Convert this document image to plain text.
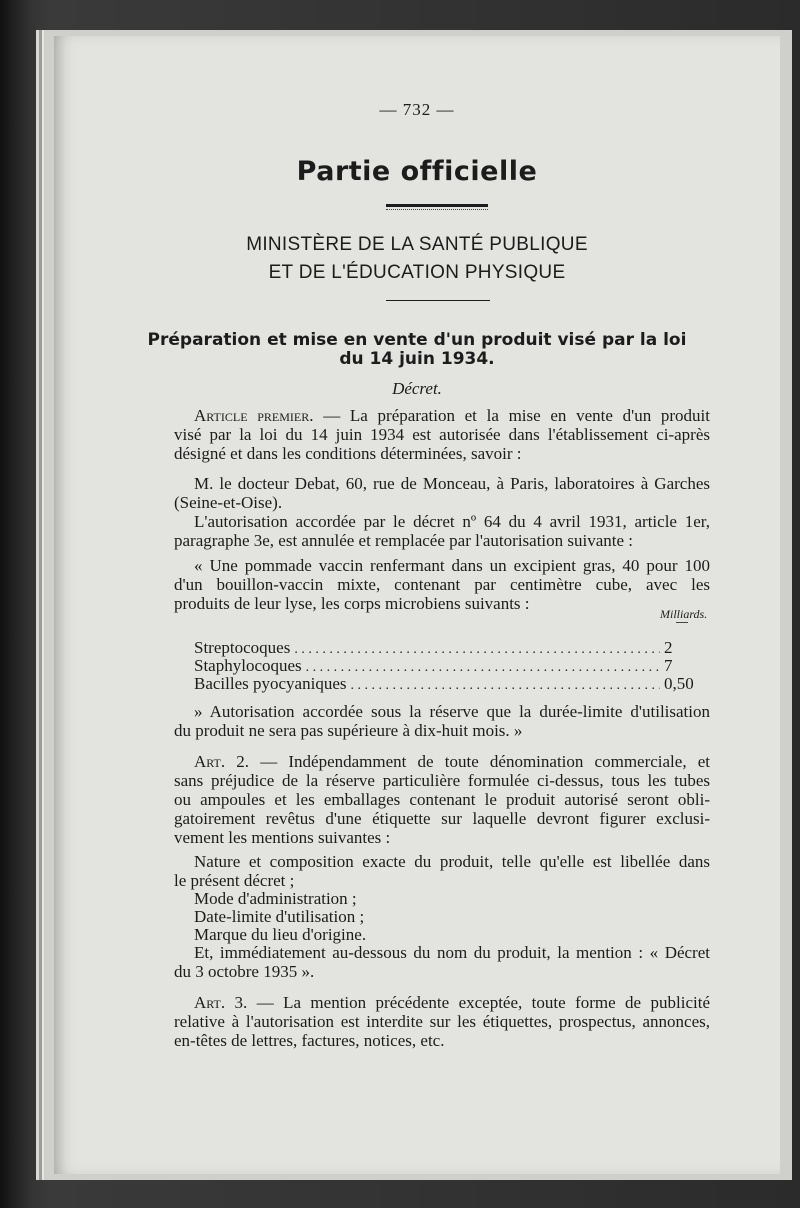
— 732 —
Partie officielle
MINISTÈRE DE LA SANTÉ PUBLIQUE
ET DE L'ÉDUCATION PHYSIQUE
Préparation et mise en vente d'un produit visé par la loi
du 14 juin 1934.
Décret.
Article premier. — La préparation et la mise en vente d'un produit
visé par la loi du 14 juin 1934 est autorisée dans l'établissement ci-après
désigné et dans les conditions déterminées, savoir :
M. le docteur Debat, 60, rue de Monceau, à Paris, laboratoires à Garches
(Seine-et-Oise).
L'autorisation accordée par le décret nº 64 du 4 avril 1931, article 1er,
paragraphe 3e, est annulée et remplacée par l'autorisation suivante :
« Une pommade vaccin renfermant dans un excipient gras, 40 pour 100
d'un bouillon-vaccin mixte, contenant par centimètre cube, avec les
produits de leur lyse, les corps microbiens suivants :
Milliards.
Streptocoques . . .	2
Staphylocoques . . .	7
Bacilles pyocyaniques . . .	0,50
» Autorisation accordée sous la réserve que la durée-limite d'utilisation
du produit ne sera pas supérieure à dix-huit mois. »
Art. 2. — Indépendamment de toute dénomination commerciale, et
sans préjudice de la réserve particulière formulée ci-dessus, tous les tubes
ou ampoules et les emballages contenant le produit autorisé seront obli-
gatoirement revêtus d'une étiquette sur laquelle devront figurer exclusi-
vement les mentions suivantes :
Nature et composition exacte du produit, telle qu'elle est libellée dans
le présent décret ;
Mode d'administration ;
Date-limite d'utilisation ;
Marque du lieu d'origine.
Et, immédiatement au-dessous du nom du produit, la mention : « Décret
du 3 octobre 1935 ».
Art. 3. — La mention précédente exceptée, toute forme de publicité
relative à l'autorisation est interdite sur les étiquettes, prospectus, annonces,
en-têtes de lettres, factures, notices, etc.
